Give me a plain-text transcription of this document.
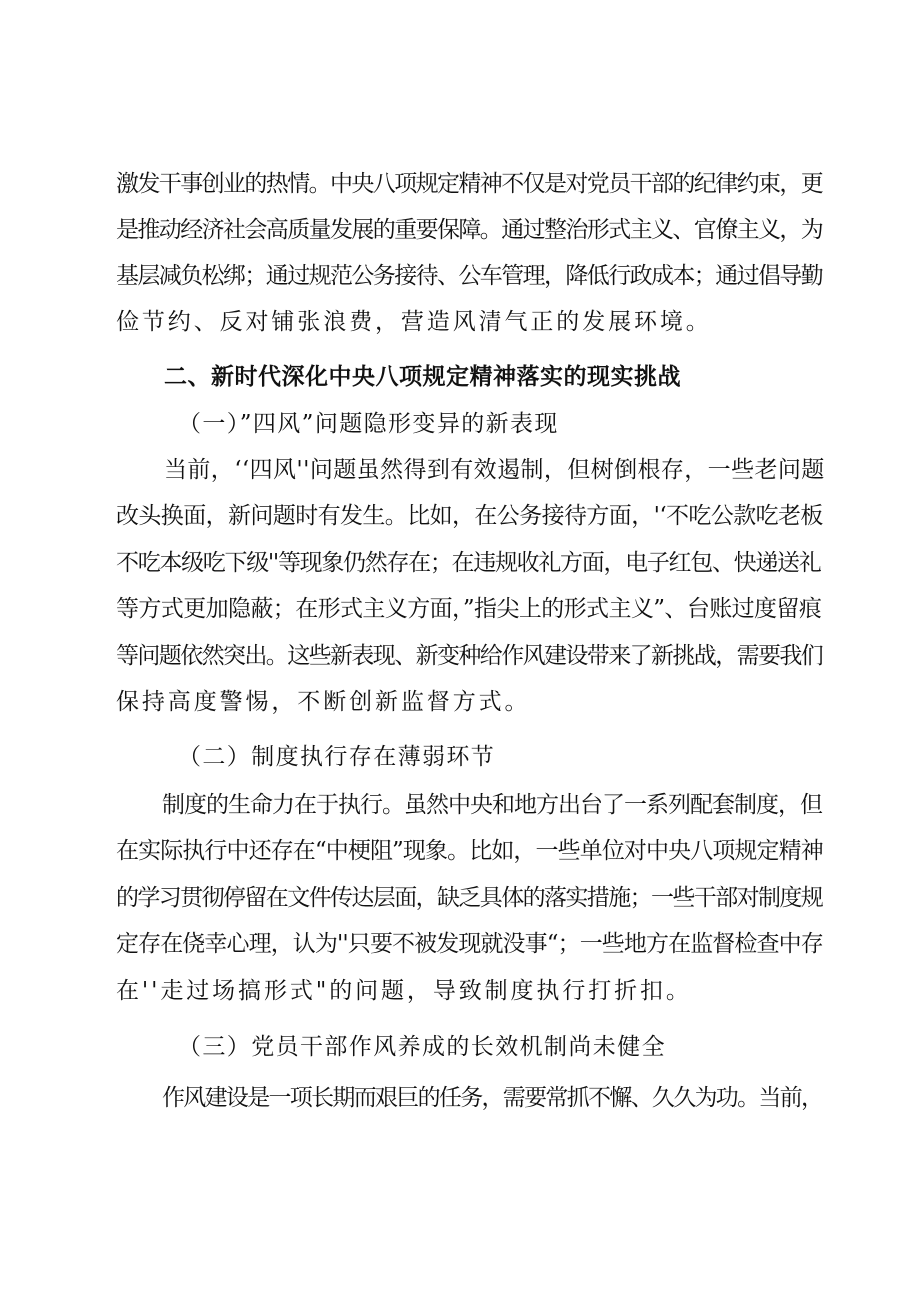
激发干事创业的热情。中央八项规定精神不仅是对党员干部的纪律约束，更
是推动经济社会高质量发展的重要保障。通过整治形式主义、官僚主义，为
基层减负松绑；通过规范公务接待、公车管理，降低行政成本；通过倡导勤
俭节约、反对铺张浪费，营造风清气正的发展环境。
二、新时代深化中央八项规定精神落实的现实挑战
（一）”四风”问题隐形变异的新表现
当前，‘‘四风''问题虽然得到有效遏制，但树倒根存，一些老问题
改头换面，新问题时有发生。比如，在公务接待方面，'‘不吃公款吃老板
不吃本级吃下级''等现象仍然存在；在违规收礼方面，电子红包、快递送礼
等方式更加隐蔽；在形式主义方面，”指尖上的形式主义”、台账过度留痕
等问题依然突出。这些新表现、新变种给作风建设带来了新挑战，需要我们
保持高度警惕，不断创新监督方式。
（二）制度执行存在薄弱环节
制度的生命力在于执行。虽然中央和地方出台了一系列配套制度，但
在实际执行中还存在“中梗阻”现象。比如，一些单位对中央八项规定精神
的学习贯彻停留在文件传达层面，缺乏具体的落实措施；一些干部对制度规
定存在侥幸心理，认为''只要不被发现就没事“；一些地方在监督检查中存
在''走过场搞形式"的问题，导致制度执行打折扣。
（三）党员干部作风养成的长效机制尚未健全
作风建设是一项长期而艰巨的任务，需要常抓不懈、久久为功。当前，
